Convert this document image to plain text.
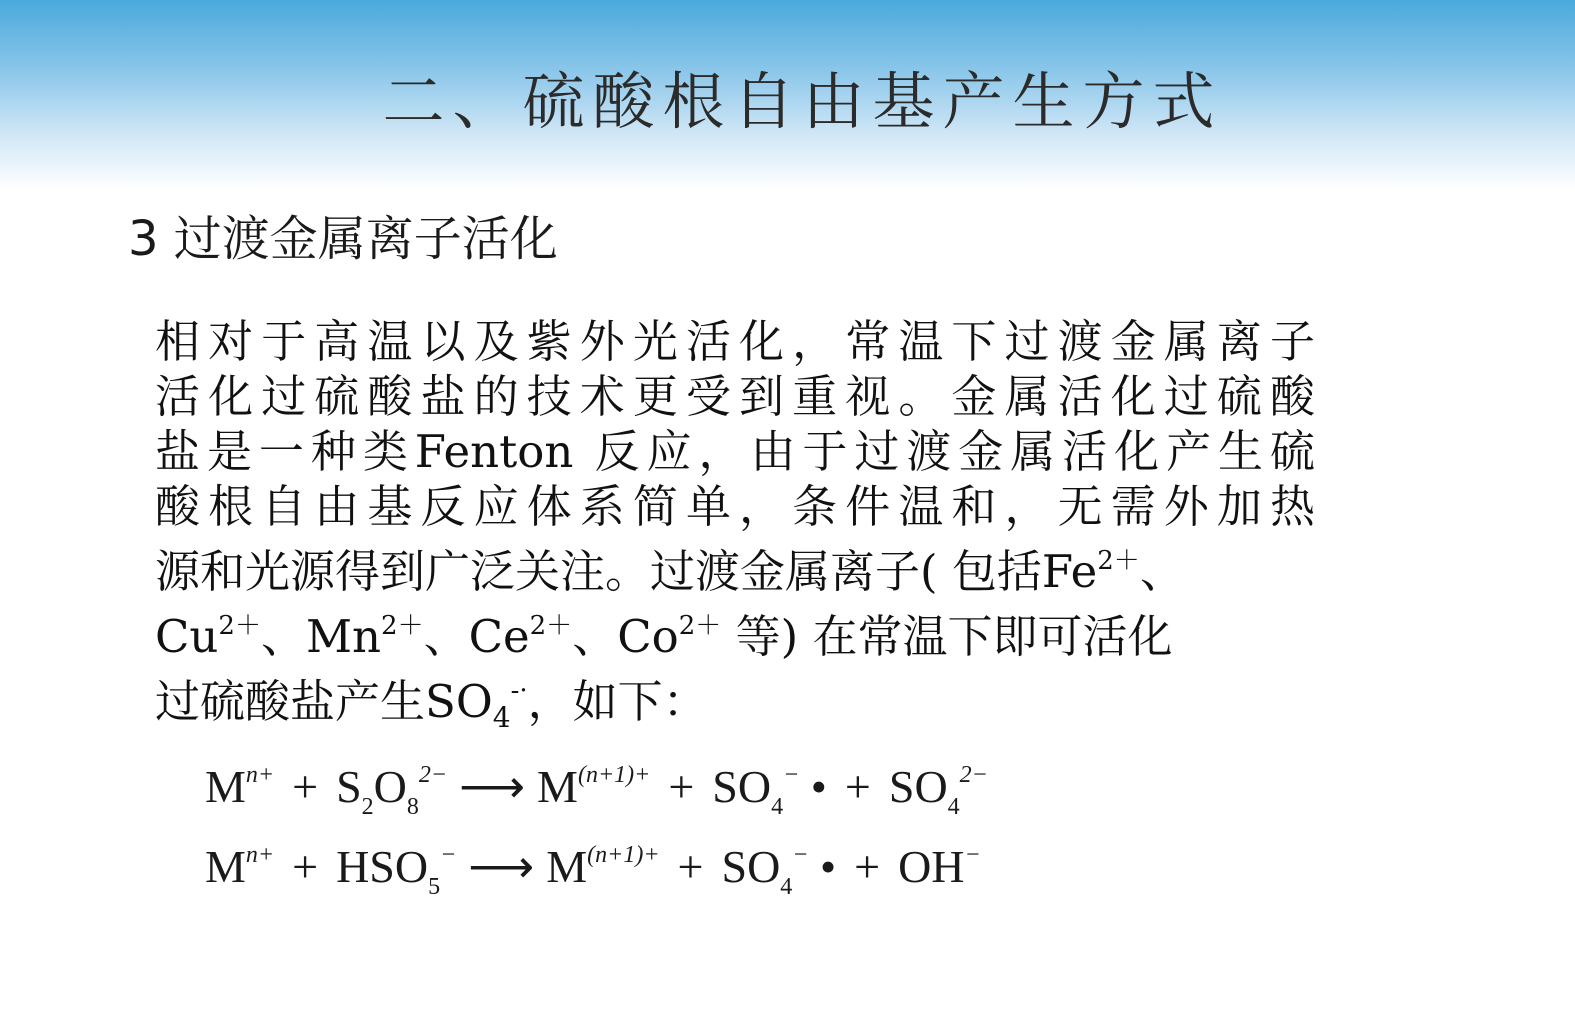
二、硫酸根自由基产生方式
3 过渡金属离子活化
相对于高温以及紫外光活化，常温下过渡金属离子
活化过硫酸盐的技术更受到重视。金属活化过硫酸
盐是一种类Fenton 反应，由于过渡金属活化产生硫
酸根自由基反应体系简单，条件温和，无需外加热
源和光源得到广泛关注。过渡金属离子( 包括$Fe^{2+}$、
$Cu^{2+}$、$Mn^{2+}$、$Ce^{2+}$、$Co^{2+}$ 等) 在常温下即可活化
过硫酸盐产生$SO_4^{-\cdot}$，如下：
$M^{n+} + S_2O_8^{2-}$ ⟶ $M^{(n+1)+} + SO_4^-$ • + $SO_4^{2-}$
$M^{n+} + HSO_5^-$ ⟶ $M^{(n+1)+} + SO_4^-$ • + OH−
